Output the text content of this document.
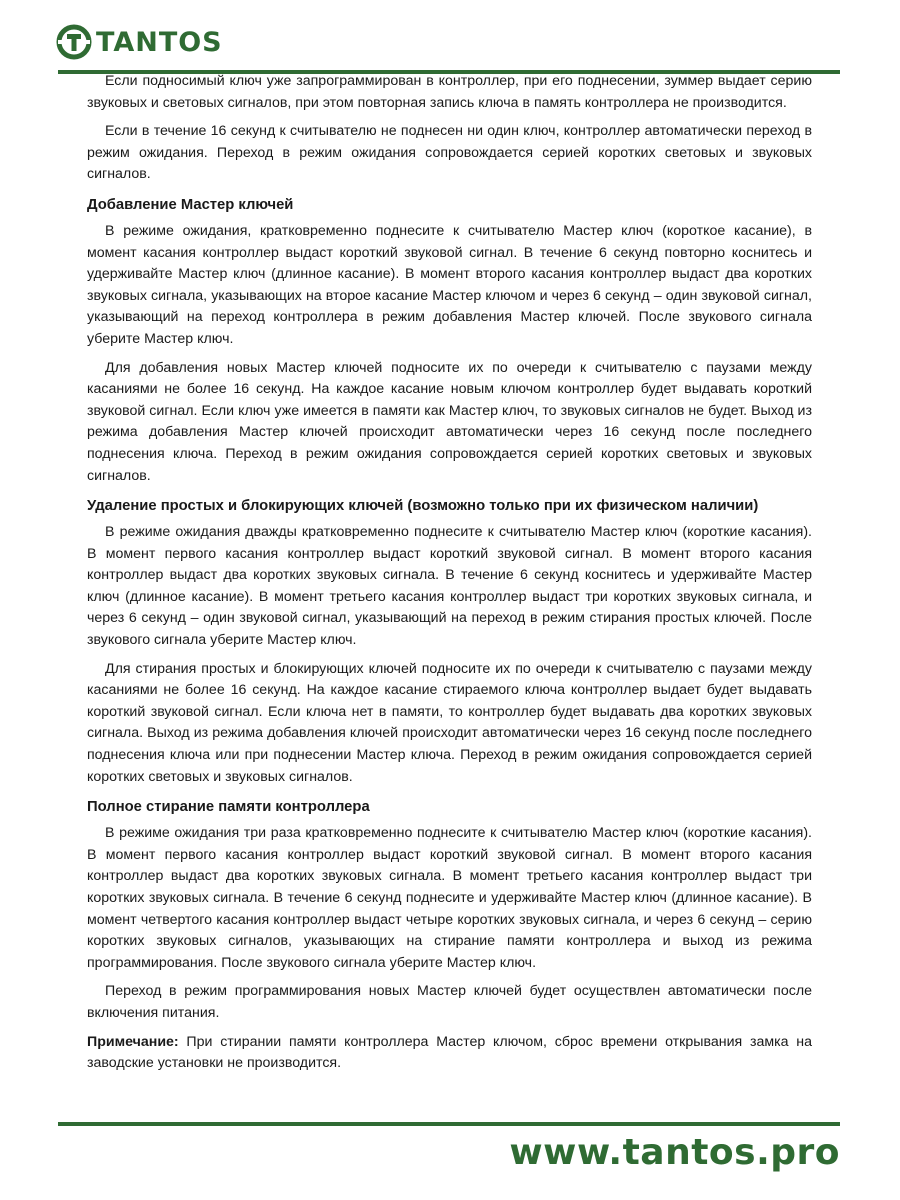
TANTOS

Если подносимый ключ уже запрограммирован в контроллер, при его поднесении, зуммер выдает серию звуковых и световых сигналов, при этом повторная запись ключа в память контроллера не производится.

Если в течение 16 секунд к считывателю не поднесен ни один ключ, контроллер автоматически переход в режим ожидания. Переход в режим ожидания сопровождается серией коротких световых и звуковых сигналов.

Добавление Мастер ключей

В режиме ожидания, кратковременно поднесите к считывателю Мастер ключ (короткое касание), в момент касания контроллер выдаст короткий звуковой сигнал. В течение 6 секунд повторно коснитесь и удерживайте Мастер ключ (длинное касание). В момент второго касания контроллер выдаст два коротких звуковых сигнала, указывающих на второе касание Мастер ключом и через 6 секунд – один звуковой сигнал, указывающий на переход контроллера в режим добавления Мастер ключей. После звукового сигнала уберите Мастер ключ.

Для добавления новых Мастер ключей подносите их по очереди к считывателю с паузами между касаниями не более 16 секунд. На каждое касание новым ключом контроллер будет выдавать короткий звуковой сигнал. Если ключ уже имеется в памяти как Мастер ключ, то звуковых сигналов не будет. Выход из режима добавления Мастер ключей происходит автоматически через 16 секунд после последнего поднесения ключа. Переход в режим ожидания сопровождается серией коротких световых и звуковых сигналов.

Удаление простых и блокирующих ключей (возможно только при их физическом наличии)

В режиме ожидания дважды кратковременно поднесите к считывателю Мастер ключ (короткие касания). В момент первого касания контроллер выдаст короткий звуковой сигнал. В момент второго касания контроллер выдаст два коротких звуковых сигнала. В течение 6 секунд коснитесь и удерживайте Мастер ключ (длинное касание). В момент третьего касания контроллер выдаст три коротких звуковых сигнала, и через 6 секунд – один звуковой сигнал, указывающий на переход в режим стирания простых ключей. После звукового сигнала уберите Мастер ключ.

Для стирания простых и блокирующих ключей подносите их по очереди к считывателю с паузами между касаниями не более 16 секунд. На каждое касание стираемого ключа контроллер выдает будет выдавать короткий звуковой сигнал. Если ключа нет в памяти, то контроллер будет выдавать два коротких звуковых сигнала. Выход из режима добавления ключей происходит автоматически через 16 секунд после последнего поднесения ключа или при поднесении Мастер ключа. Переход в режим ожидания сопровождается серией коротких световых и звуковых сигналов.

Полное стирание памяти контроллера

В режиме ожидания три раза кратковременно поднесите к считывателю Мастер ключ (короткие касания). В момент первого касания контроллер выдаст короткий звуковой сигнал. В момент второго касания контроллер выдаст два коротких звуковых сигнала. В момент третьего касания контроллер выдаст три коротких звуковых сигнала. В течение 6 секунд поднесите и удерживайте Мастер ключ (длинное касание). В момент четвертого касания контроллер выдаст четыре коротких звуковых сигнала, и через 6 секунд – серию коротких звуковых сигналов, указывающих на стирание памяти контроллера и выход из режима программирования. После звукового сигнала уберите Мастер ключ.

Переход в режим программирования новых Мастер ключей будет осуществлен автоматически после включения питания.

Примечание: При стирании памяти контроллера Мастер ключом, сброс времени открывания замка на заводские установки не производится.

www.tantos.pro
